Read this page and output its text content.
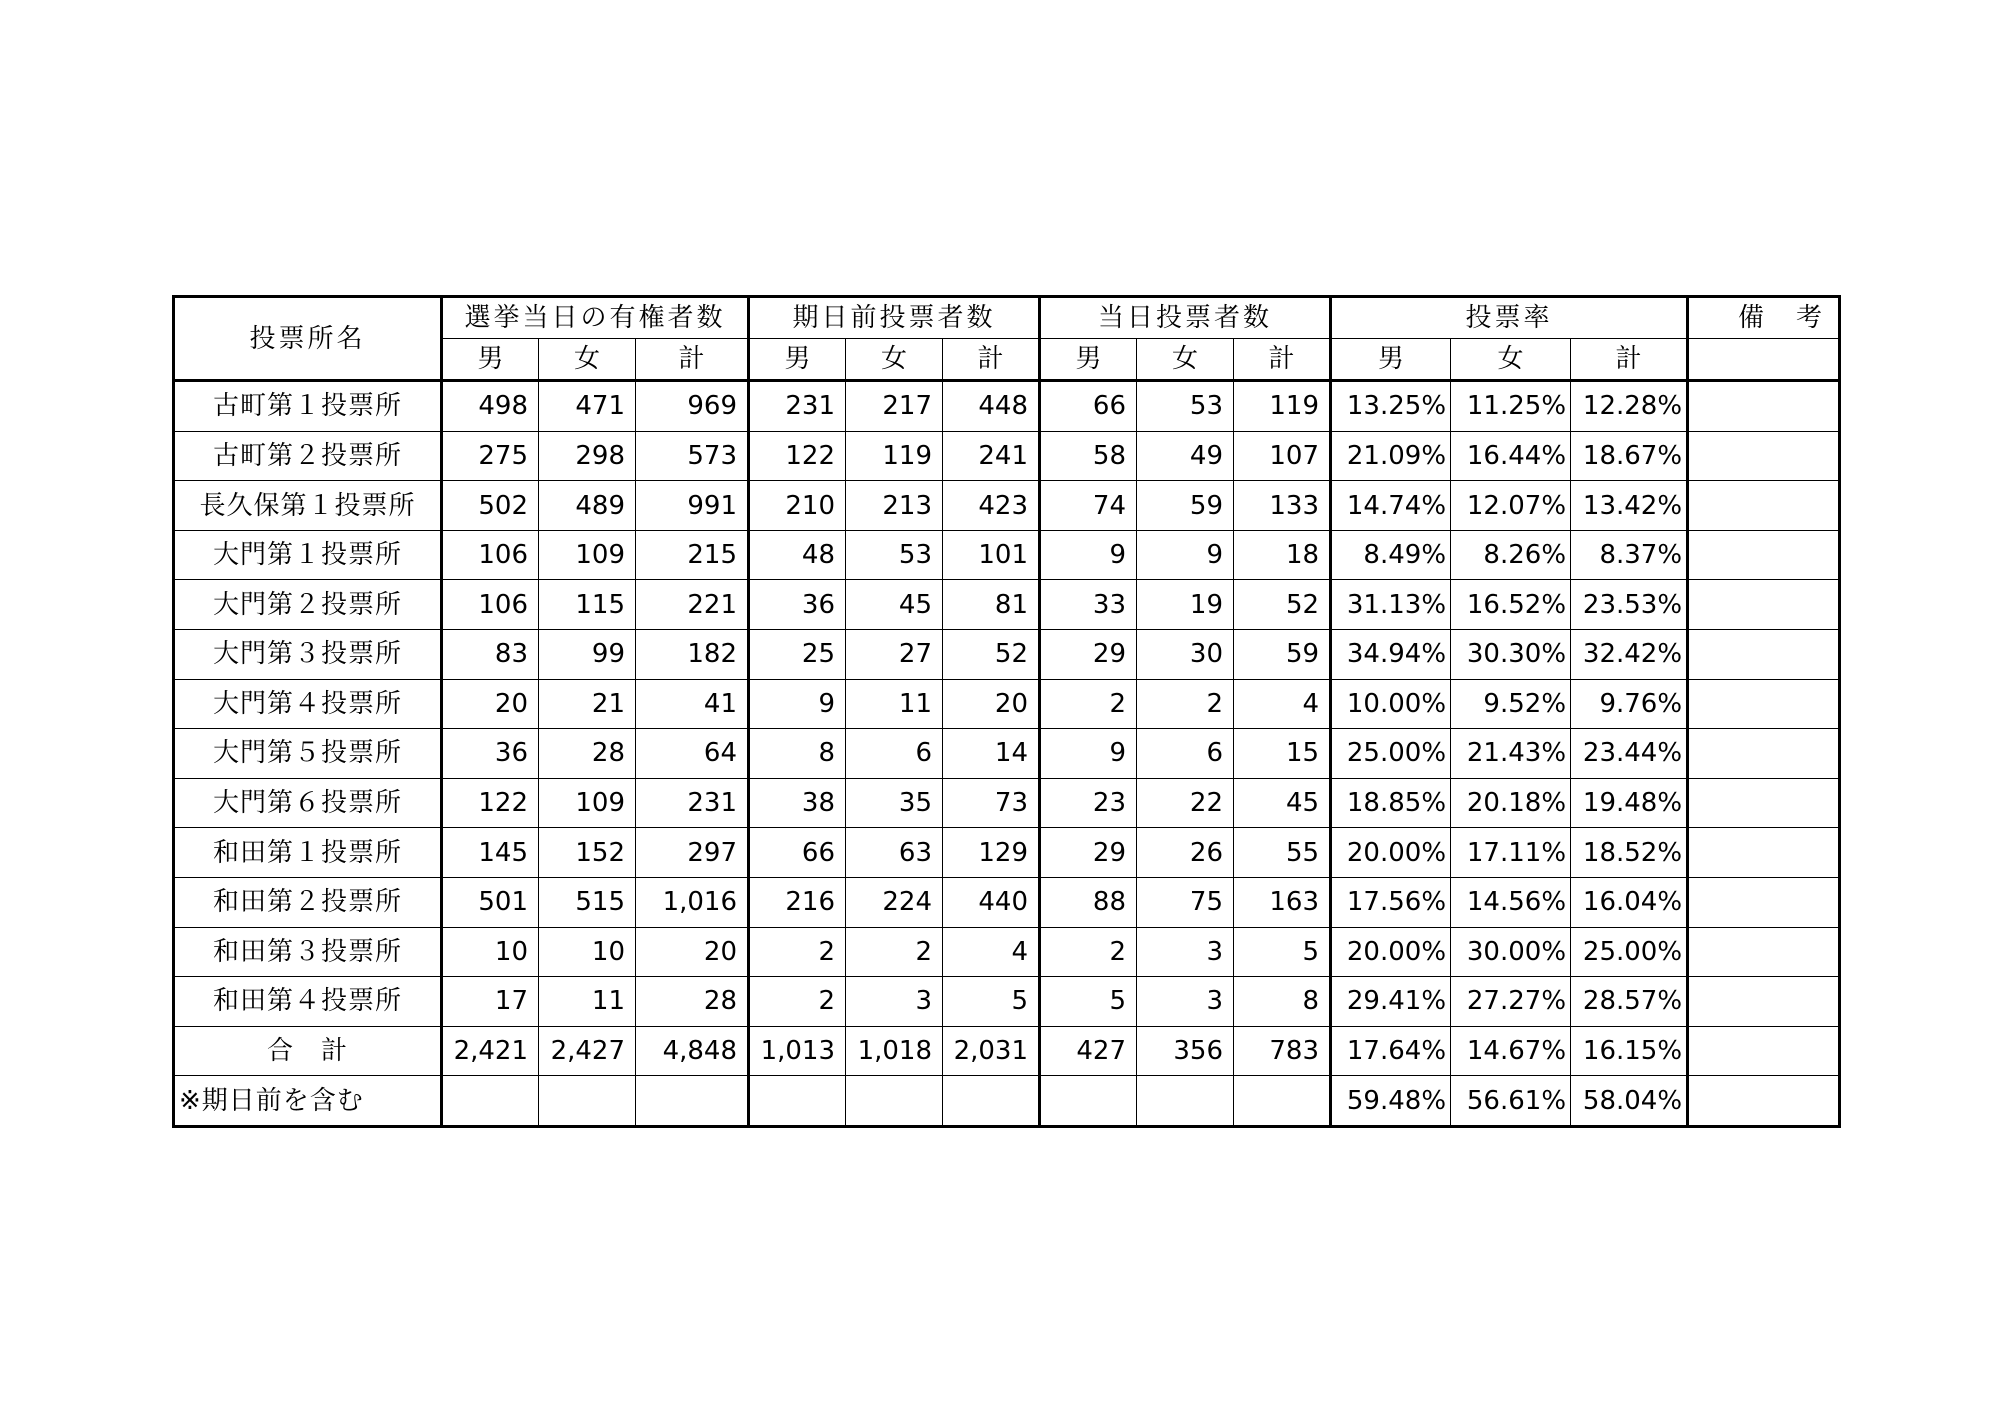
投票所名	選挙当日の有権者数			期日前投票者数			当日投票者数			投票率			備　考
	男	女	計	男	女	計	男	女	計	男	女	計	
古町第１投票所	498	471	969	231	217	448	66	53	119	13.25%	11.25%	12.28%	
古町第２投票所	275	298	573	122	119	241	58	49	107	21.09%	16.44%	18.67%	
長久保第１投票所	502	489	991	210	213	423	74	59	133	14.74%	12.07%	13.42%	
大門第１投票所	106	109	215	48	53	101	9	9	18	8.49%	8.26%	8.37%	
大門第２投票所	106	115	221	36	45	81	33	19	52	31.13%	16.52%	23.53%	
大門第３投票所	83	99	182	25	27	52	29	30	59	34.94%	30.30%	32.42%	
大門第４投票所	20	21	41	9	11	20	2	2	4	10.00%	9.52%	9.76%	
大門第５投票所	36	28	64	8	6	14	9	6	15	25.00%	21.43%	23.44%	
大門第６投票所	122	109	231	38	35	73	23	22	45	18.85%	20.18%	19.48%	
和田第１投票所	145	152	297	66	63	129	29	26	55	20.00%	17.11%	18.52%	
和田第２投票所	501	515	1,016	216	224	440	88	75	163	17.56%	14.56%	16.04%	
和田第３投票所	10	10	20	2	2	4	2	3	5	20.00%	30.00%	25.00%	
和田第４投票所	17	11	28	2	3	5	5	3	8	29.41%	27.27%	28.57%	
合　計	2,421	2,427	4,848	1,013	1,018	2,031	427	356	783	17.64%	14.67%	16.15%	
※期日前を含む										59.48%	56.61%	58.04%	
